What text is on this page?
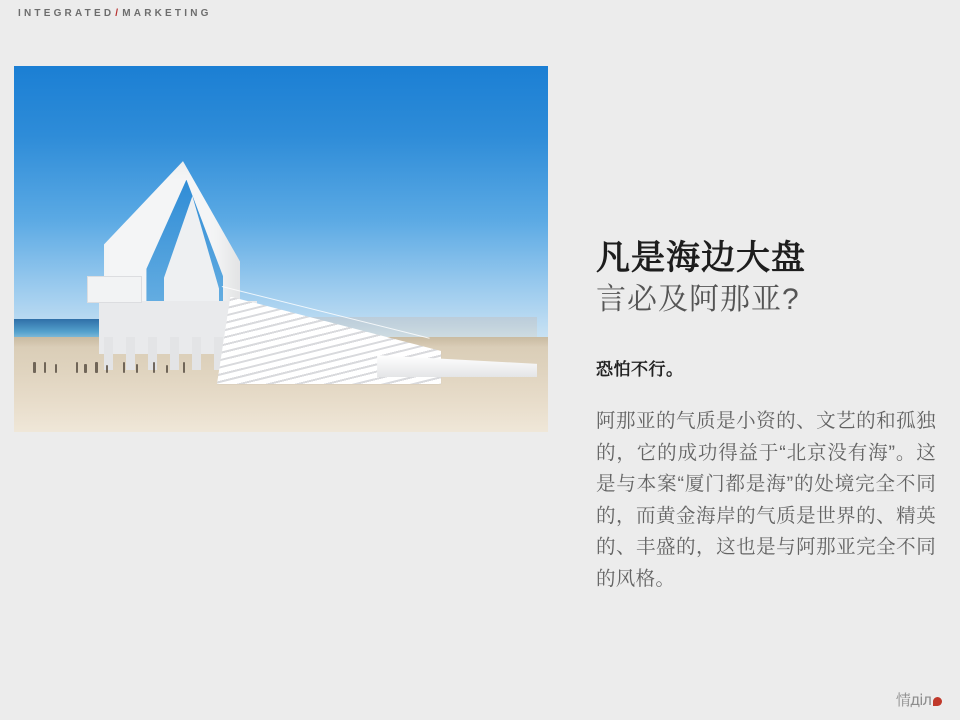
INTEGRATED / MARKETING
凡是海边大盘
言必及阿那亚?
恐怕不行。
阿那亚的气质是小资的、文艺的和孤独的，它的成功得益于“北京没有海”。这是与本案“厦门都是海”的处境完全不同的，而黄金海岸的气质是世界的、精英的、丰盛的，这也是与阿那亚完全不同的风格。
情діл
